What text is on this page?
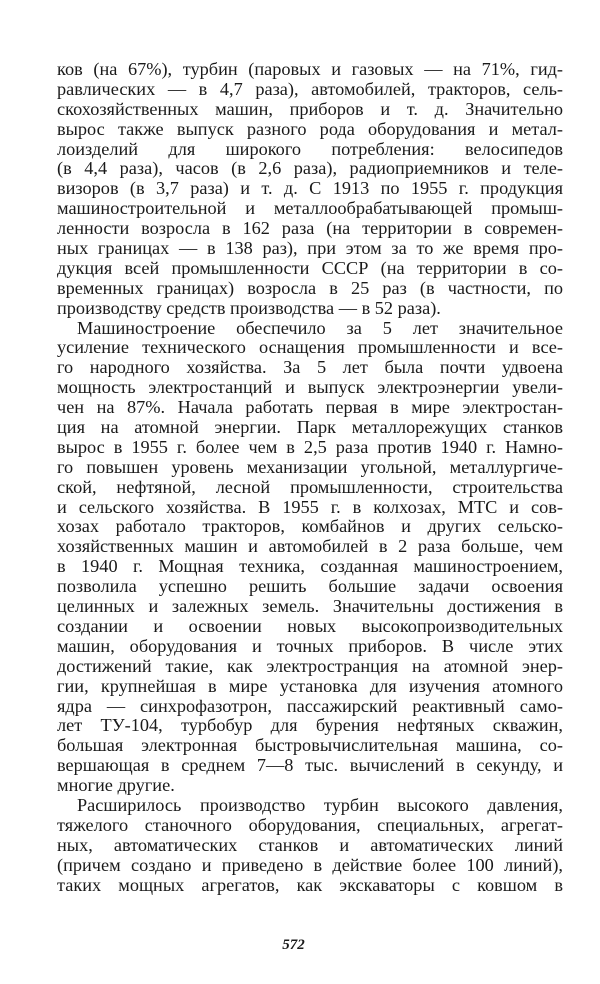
ков (на 67%), турбин (паровых и газовых — на 71%, гид-
равлических — в 4,7 раза), автомобилей, тракторов, сель-
скохозяйственных машин, приборов и т. д. Значительно
вырос также выпуск разного рода оборудования и метал-
лоизделий для широкого потребления: велосипедов
(в 4,4 раза), часов (в 2,6 раза), радиоприемников и теле-
визоров (в 3,7 раза) и т. д. С 1913 по 1955 г. продукция
машиностроительной и металлообрабатывающей промыш-
ленности возросла в 162 раза (на территории в современ-
ных границах — в 138 раз), при этом за то же время про-
дукция всей промышленности СССР (на территории в со-
временных границах) возросла в 25 раз (в частности, по
производству средств производства — в 52 раза).
Машиностроение обеспечило за 5 лет значительное
усиление технического оснащения промышленности и все-
го народного хозяйства. За 5 лет была почти удвоена
мощность электростанций и выпуск электроэнергии увели-
чен на 87%. Начала работать первая в мире электростан-
ция на атомной энергии. Парк металлорежущих станков
вырос в 1955 г. более чем в 2,5 раза против 1940 г. Намно-
го повышен уровень механизации угольной, металлургиче-
ской, нефтяной, лесной промышленности, строительства
и сельского хозяйства. В 1955 г. в колхозах, МТС и сов-
хозах работало тракторов, комбайнов и других сельско-
хозяйственных машин и автомобилей в 2 раза больше, чем
в 1940 г. Мощная техника, созданная машиностроением,
позволила успешно решить большие задачи освоения
целинных и залежных земель. Значительны достижения в
создании и освоении новых высокопроизводительных
машин, оборудования и точных приборов. В числе этих
достижений такие, как электространция на атомной энер-
гии, крупнейшая в мире установка для изучения атомного
ядра — синхрофазотрон, пассажирский реактивный само-
лет ТУ-104, турбобур для бурения нефтяных скважин,
большая электронная быстровычислительная машина, со-
вершающая в среднем 7—8 тыс. вычислений в секунду, и
многие другие.
Расширилось производство турбин высокого давления,
тяжелого станочного оборудования, специальных, агрегат-
ных, автоматических станков и автоматических линий
(причем создано и приведено в действие более 100 линий),
таких мощных агрегатов, как экскаваторы с ковшом в
572
